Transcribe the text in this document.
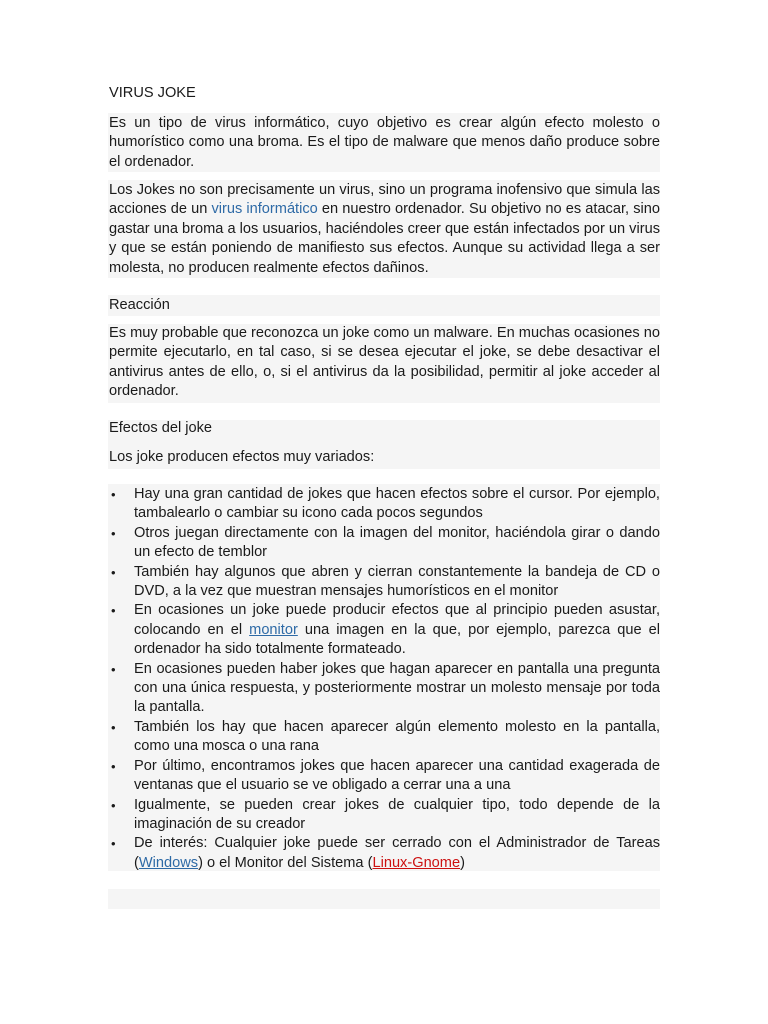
VIRUS JOKE
Es un tipo de virus informático, cuyo objetivo es crear algún efecto molesto o humorístico como una broma. Es el tipo de malware que menos daño produce sobre el ordenador.
Los Jokes no son precisamente un virus, sino un programa inofensivo que simula las acciones de un virus informático en nuestro ordenador. Su objetivo no es atacar, sino gastar una broma a los usuarios, haciéndoles creer que están infectados por un virus y que se están poniendo de manifiesto sus efectos. Aunque su actividad llega a ser molesta, no producen realmente efectos dañinos.
Reacción
Es muy probable que reconozca un joke como un malware. En muchas ocasiones no permite ejecutarlo, en tal caso, si se desea ejecutar el joke, se debe desactivar el antivirus antes de ello, o, si el antivirus da la posibilidad, permitir al joke acceder al ordenador.
Efectos del joke
Los joke producen efectos muy variados:
• Hay una gran cantidad de jokes que hacen efectos sobre el cursor. Por ejemplo, tambalearlo o cambiar su icono cada pocos segundos
• Otros juegan directamente con la imagen del monitor, haciéndola girar o dando un efecto de temblor
• También hay algunos que abren y cierran constantemente la bandeja de CD o DVD, a la vez que muestran mensajes humorísticos en el monitor
• En ocasiones un joke puede producir efectos que al principio pueden asustar, colocando en el monitor una imagen en la que, por ejemplo, parezca que el ordenador ha sido totalmente formateado.
• En ocasiones pueden haber jokes que hagan aparecer en pantalla una pregunta con una única respuesta, y posteriormente mostrar un molesto mensaje por toda la pantalla.
• También los hay que hacen aparecer algún elemento molesto en la pantalla, como una mosca o una rana
• Por último, encontramos jokes que hacen aparecer una cantidad exagerada de ventanas que el usuario se ve obligado a cerrar una a una
• Igualmente, se pueden crear jokes de cualquier tipo, todo depende de la imaginación de su creador
• De interés: Cualquier joke puede ser cerrado con el Administrador de Tareas (Windows) o el Monitor del Sistema (Linux-Gnome)
